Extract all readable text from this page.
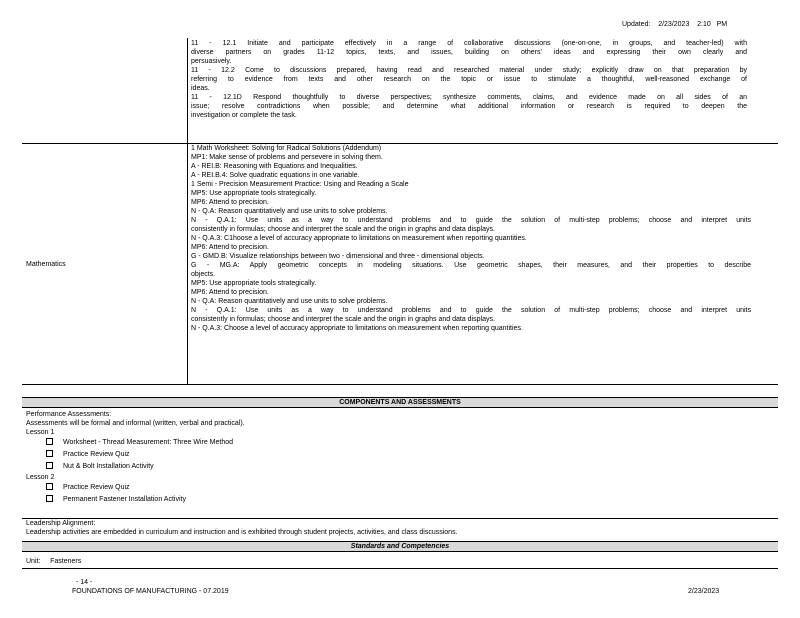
Updated: 2/23/2023 2:10 PM
11 - 12.1 Initiate and participate effectively in a range of collaborative discussions (one-on-one, in groups, and teacher-led) with
diverse partners on grades 11-12 topics, texts, and issues, building on others' ideas and expressing their own clearly and
persuasively.
11 - 12.2 Come to discussions prepared, having read and researched material under study; explicitly draw on that preparation by
referring to evidence from texts and other research on the topic or issue to stimulate a thoughtful, well-reasoned exchange of
ideas.
11 - 12.1D Respond thoughtfully to diverse perspectives; synthesize comments, claims, and evidence made on all sides of an
issue; resolve contradictions when possible; and determine what additional information or research is required to deepen the
investigation or complete the task.
Mathematics
1 Math Worksheet: Solving for Radical Solutions (Addendum)
MP1: Make sense of problems and persevere in solving them.
A - REI.B: Reasoning with Equations and Inequalities.
A - REI.B.4: Solve quadratic equations in one variable.
1 Semi - Precision Measurement Practice: Using and Reading a Scale
MP5: Use appropriate tools strategically.
MP6: Attend to precision.
N - Q.A: Reason quantitatively and use units to solve problems.
N - Q.A.1: Use units as a way to understand problems and to guide the solution of multi-step problems; choose and interpret units
consistently in formulas; choose and interpret the scale and the origin in graphs and data displays.
N - Q.A.3: C1hoose a level of accuracy appropriate to limitations on measurement when reporting quantities.
MP6: Attend to precision.
G - GMD.B: Visualize relationships between two - dimensional and three - dimensional objects.
G - MG.A: Apply geometric concepts in modeling situations. Use geometric shapes, their measures, and their properties to describe
objects.
MP5: Use appropriate tools strategically.
MP6: Attend to precision.
N - Q.A: Reason quantitatively and use units to solve problems.
N - Q.A.1: Use units as a way to understand problems and to guide the solution of multi-step problems; choose and interpret units
consistently in formulas; choose and interpret the scale and the origin in graphs and data displays.
N - Q.A.3: Choose a level of accuracy appropriate to limitations on measurement when reporting quantities.
COMPONENTS AND ASSESSMENTS
Performance Assessments:
Assessments will be formal and informal (written, verbal and practical).
Lesson 1
Worksheet - Thread Measurement: Three Wire Method
Practice Review Quiz
Nut & Bolt Installation Activity
Lesson 2
Practice Review Quiz
Permanent Fastener Installation Activity
Leadership Alignment:
Leadership activities are embedded in curriculum and instruction and is exhibited through student projects, activities, and class discussions.
Standards and Competencies
Unit: Fasteners
- 14 -
FOUNDATIONS OF MANUFACTURING - 07.2019	2/23/2023
